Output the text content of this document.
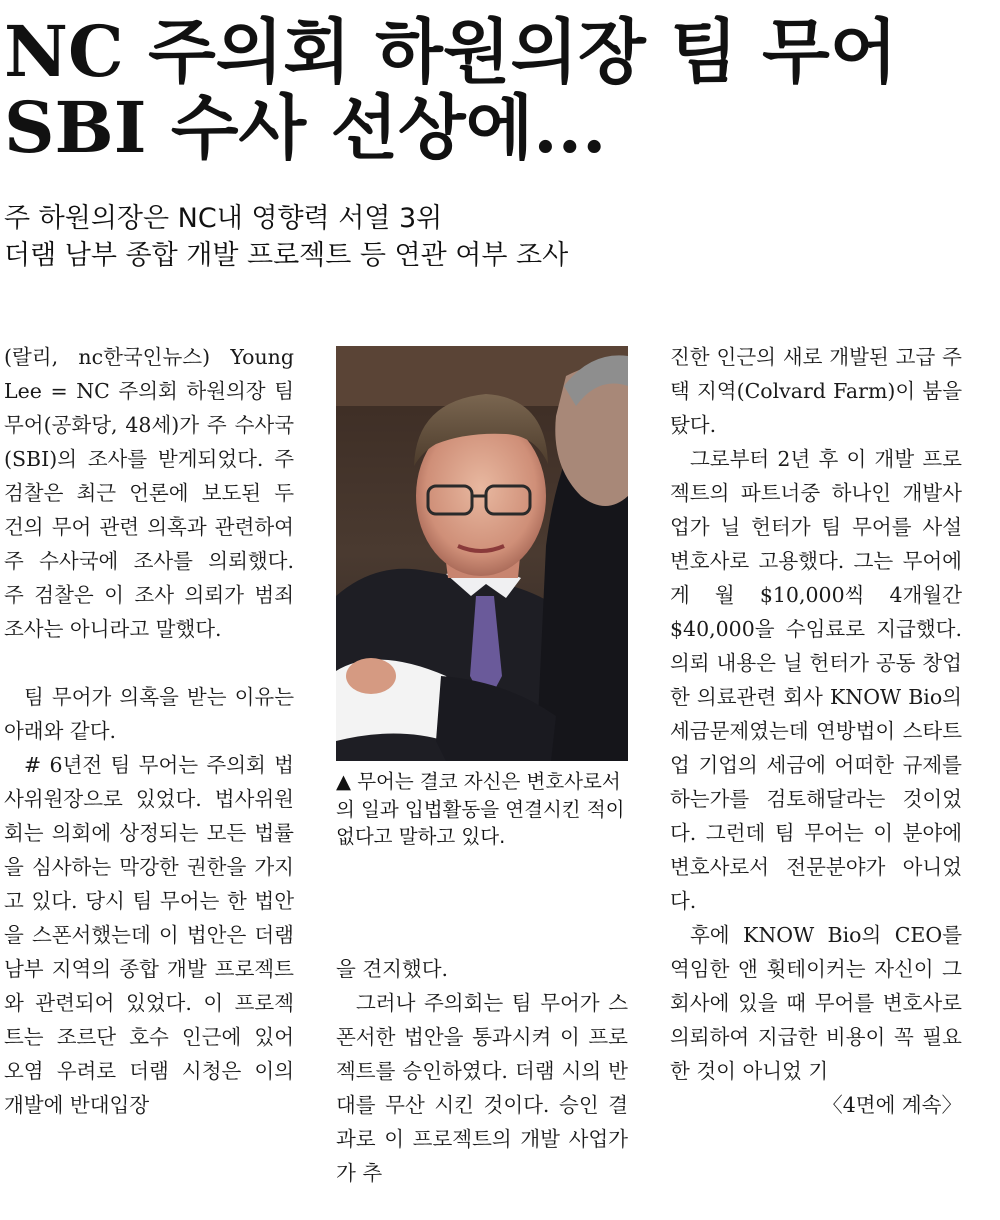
NC 주의회 하원의장 팀 무어
SBI 수사 선상에...
주 하원의장은 NC내 영향력 서열 3위
더램 남부 종합 개발 프로젝트 등 연관 여부 조사

(랄리, nc한국인뉴스) Young Lee = NC 주의회 하원의장 팀 무어(공화당, 48세)가 주 수사국(SBI)의 조사를 받게되었다. 주 검찰은 최근 언론에 보도된 두 건의 무어 관련 의혹과 관련하여 주 수사국에 조사를 의뢰했다. 주 검찰은 이 조사 의뢰가 범죄조사는 아니라고 말했다.

팀 무어가 의혹을 받는 이유는 아래와 같다.

# 6년전 팀 무어는 주의회 법사위원장으로 있었다. 법사위원회는 의회에 상정되는 모든 법률을 심사하는 막강한 권한을 가지고 있다. 당시 팀 무어는 한 법안을 스폰서했는데 이 법안은 더램 남부 지역의 종합 개발 프로젝트와 관련되어 있었다. 이 프로젝트는 조르단 호수 인근에 있어 오염 우려로 더램 시청은 이의 개발에 반대입장

▲ 무어는 결코 자신은 변호사로서의 일과 입법활동을 연결시킨 적이 없다고 말하고 있다.

을 견지했다.

그러나 주의회는 팀 무어가 스폰서한 법안을 통과시켜 이 프로젝트를 승인하였다. 더램 시의 반대를 무산 시킨 것이다. 승인 결과로 이 프로젝트의 개발 사업가가 추

진한 인근의 새로 개발된 고급 주택 지역(Colvard Farm)이 붐을 탔다.

그로부터 2년 후 이 개발 프로젝트의 파트너중 하나인 개발사업가 닐 헌터가 팀 무어를 사설 변호사로 고용했다. 그는 무어에게 월 $10,000씩 4개월간 $40,000을 수임료로 지급했다. 의뢰 내용은 닐 헌터가 공동 창업한 의료관련 회사 KNOW Bio의 세금문제였는데 연방법이 스타트업 기업의 세금에 어떠한 규제를 하는가를 검토해달라는 것이었다. 그런데 팀 무어는 이 분야에 변호사로서 전문분야가 아니었다.

후에 KNOW Bio의 CEO를 역임한 앤 휫테이커는 자신이 그 회사에 있을 때 무어를 변호사로 의뢰하여 지급한 비용이 꼭 필요한 것이 아니었 기

〈4면에 계속〉
